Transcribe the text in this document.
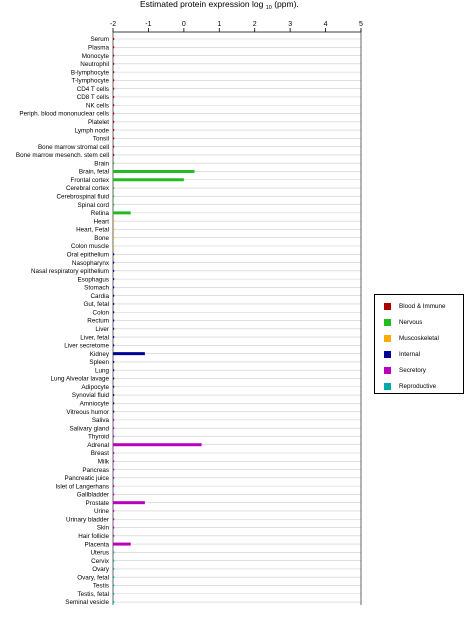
Estimated protein expression log $_{10}$ (ppm).
-2	-1	0	1	2	3	4	5
Serum
Plasma
Monocyte
Neutrophil
B-lymphocyte
T-lymphocyte
CD4 T cells
CD8 T cells
NK cells
Periph. blood mononuclear cells
Platelet
Lymph node
Tonsil
Bone marrow stromal cell
Bone marrow mesench. stem cell
Brain
Brain, fetal
Frontal cortex
Cerebral cortex
Cerebrospinal fluid
Spinal cord
Retina
Heart
Heart, Fetal
Bone
Colon muscle
Oral epithelium
Nasopharynx
Nasal respiratory epithelium
Esophagus
Stomach
Cardia
Gut, fetal
Colon
Rectum
Liver
Liver, fetal
Liver secretome
Kidney
Spleen
Lung
Lung Alveolar lavage
Adipocyte
Synovial fluid
Amniocyte
Vitreous humor
Saliva
Salivary gland
Thyroid
Adrenal
Breast
Milk
Pancreas
Pancreatic juice
Islet of Langerhans
Gallbladder
Prostate
Urine
Urinary bladder
Skin
Hair follicle
Placenta
Uterus
Cervix
Ovary
Ovary, fetal
Testis
Testis, fetal
Seminal vesicle
Blood & Immune
Nervous
Muscoskeletal
Internal
Secretory
Reproductive
